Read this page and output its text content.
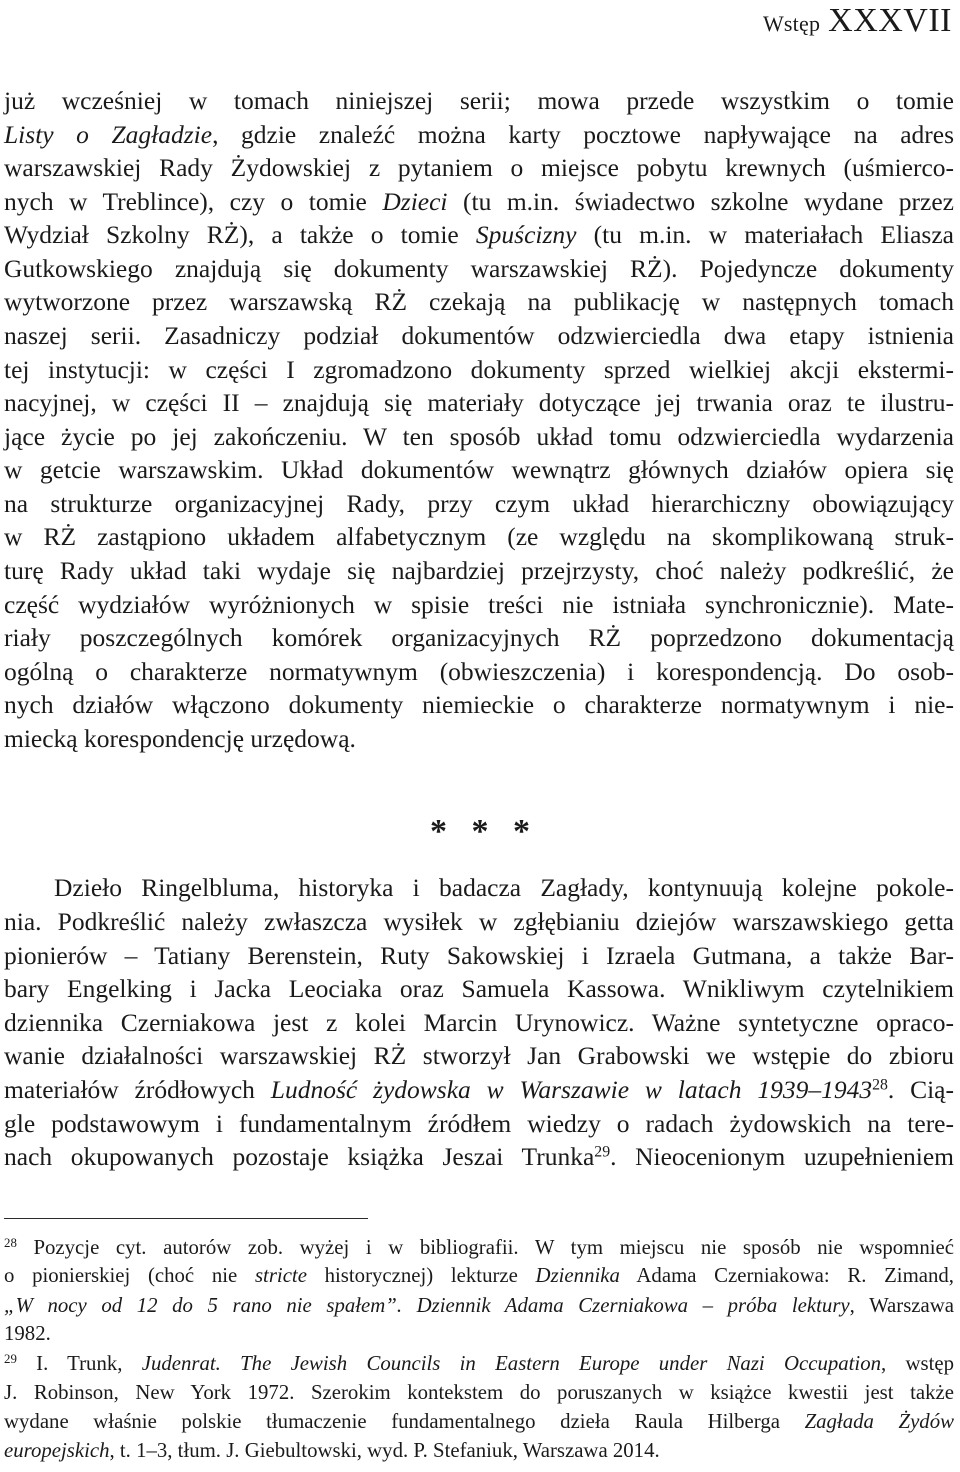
Wstęp XXXVII
już wcześniej w tomach niniejszej serii; mowa przede wszystkim o tomie
Listy o Zagładzie, gdzie znaleźć można karty pocztowe napływające na adres
warszawskiej Rady Żydowskiej z pytaniem o miejsce pobytu krewnych (uśmierco-
nych w Treblince), czy o tomie Dzieci (tu m.in. świadectwo szkolne wydane przez
Wydział Szkolny RŻ), a także o tomie Spuścizny (tu m.in. w materiałach Eliasza
Gutkowskiego znajdują się dokumenty warszawskiej RŻ). Pojedyncze dokumenty
wytworzone przez warszawską RŻ czekają na publikację w następnych tomach
naszej serii. Zasadniczy podział dokumentów odzwierciedla dwa etapy istnienia
tej instytucji: w części I zgromadzono dokumenty sprzed wielkiej akcji ekstermi-
nacyjnej, w części II – znajdują się materiały dotyczące jej trwania oraz te ilustru-
jące życie po jej zakończeniu. W ten sposób układ tomu odzwierciedla wydarzenia
w getcie warszawskim. Układ dokumentów wewnątrz głównych działów opiera się
na strukturze organizacyjnej Rady, przy czym układ hierarchiczny obowiązujący
w RŻ zastąpiono układem alfabetycznym (ze względu na skomplikowaną struk-
turę Rady układ taki wydaje się najbardziej przejrzysty, choć należy podkreślić, że
część wydziałów wyróżnionych w spisie treści nie istniała synchronicznie). Mate-
riały poszczególnych komórek organizacyjnych RŻ poprzedzono dokumentacją
ogólną o charakterze normatywnym (obwieszczenia) i korespondencją. Do osob-
nych działów włączono dokumenty niemieckie o charakterze normatywnym i nie-
miecką korespondencję urzędową.
* * *
Dzieło Ringelbluma, historyka i badacza Zagłady, kontynuują kolejne pokole-
nia. Podkreślić należy zwłaszcza wysiłek w zgłębianiu dziejów warszawskiego getta
pionierów – Tatiany Berenstein, Ruty Sakowskiej i Izraela Gutmana, a także Bar-
bary Engelking i Jacka Leociaka oraz Samuela Kassowa. Wnikliwym czytelnikiem
dziennika Czerniakowa jest z kolei Marcin Urynowicz. Ważne syntetyczne opraco-
wanie działalności warszawskiej RŻ stworzył Jan Grabowski we wstępie do zbioru
materiałów źródłowych Ludność żydowska w Warszawie w latach 1939–1943$^{28}$. Cią-
gle podstawowym i fundamentalnym źródłem wiedzy o radach żydowskich na tere-
nach okupowanych pozostaje książka Jeszai Trunka$^{29}$. Nieocenionym uzupełnieniem
$^{28}$ Pozycje cyt. autorów zob. wyżej i w bibliografii. W tym miejscu nie sposób nie wspomnieć
o pionierskiej (choć nie stricte historycznej) lekturze Dziennika Adama Czerniakowa: R. Zimand,
„W nocy od 12 do 5 rano nie spałem”. Dziennik Adama Czerniakowa – próba lektury, Warszawa
1982.
$^{29}$ I. Trunk, Judenrat. The Jewish Councils in Eastern Europe under Nazi Occupation, wstęp
J. Robinson, New York 1972. Szerokim kontekstem do poruszanych w książce kwestii jest także
wydane właśnie polskie tłumaczenie fundamentalnego dzieła Raula Hilberga Zagłada Żydów
europejskich, t. 1–3, tłum. J. Giebultowski, wyd. P. Stefaniuk, Warszawa 2014.
